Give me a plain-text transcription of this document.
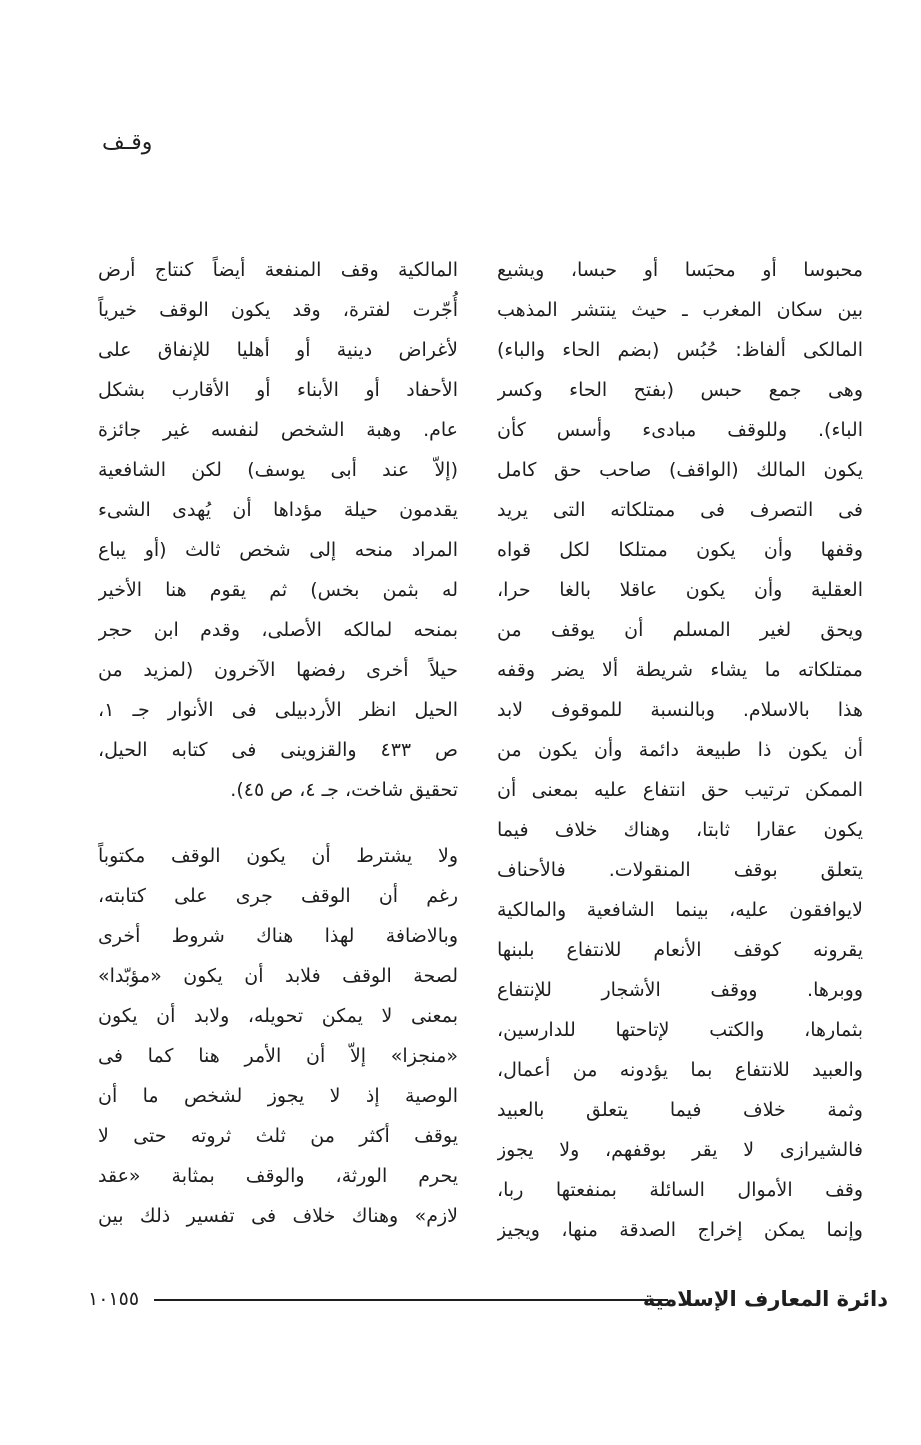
وقـف
محبوسا أو محبَسا أو حبسا، ويشيع
بين سكان المغرب ـ حيث ينتشر المذهب
المالكى ألفاظ: حُبُس (بضم الحاء والباء)
وهى جمع حبس (بفتح الحاء وكسر
الباء). وللوقف مبادىء وأسس كأن
يكون المالك (الواقف) صاحب حق كامل
فى التصرف فى ممتلكاته التى يريد
وقفها وأن يكون ممتلكا لكل قواه
العقلية وأن يكون عاقلا بالغا حرا،
ويحق لغير المسلم أن يوقف من
ممتلكاته ما يشاء شريطة ألا يضر وقفه
هذا بالاسلام. وبالنسبة للموقوف لابد
أن يكون ذا طبيعة دائمة وأن يكون من
الممكن ترتيب حق انتفاع عليه بمعنى أن
يكون عقارا ثابتا، وهناك خلاف فيما
يتعلق بوقف المنقولات. فالأحناف
لايوافقون عليه، بينما الشافعية والمالكية
يقرونه كوقف الأنعام للانتفاع بلبنها
ووبرها. ووقف الأشجار للإنتفاع
بثمارها، والكتب لإتاحتها للدارسين،
والعبيد للانتفاع بما يؤدونه من أعمال،
وثمة خلاف فيما يتعلق بالعبيد
فالشيرازى لا يقر بوقفهم، ولا يجوز
وقف الأموال السائلة بمنفعتها ربا،
وإنما يمكن إخراج الصدقة منها، ويجيز
المالكية وقف المنفعة أيضاً كنتاج أرض
أُجّرت لفترة، وقد يكون الوقف خيرياً
لأغراض دينية أو أهليا للإنفاق على
الأحفاد أو الأبناء أو الأقارب بشكل
عام. وهبة الشخص لنفسه غير جائزة
(إلاّ عند أبى يوسف) لكن الشافعية
يقدمون حيلة مؤداها أن يُهدى الشىء
المراد منحه إلى شخص ثالث (أو يباع
له بثمن بخس) ثم يقوم هنا الأخير
بمنحه لمالكه الأصلى، وقدم ابن حجر
حيلاً أخرى رفضها الآخرون (لمزيد من
الحيل انظر الأردبيلى فى الأنوار جـ ١،
ص ٤٣٣ والقزوينى فى كتابه الحيل،
تحقيق شاخت، جـ ٤، ص ٤٥).
ولا يشترط أن يكون الوقف مكتوباً
رغم أن الوقف جرى على كتابته،
وبالاضافة لهذا هناك شروط أخرى
لصحة الوقف فلابد أن يكون «مؤبّدا»
بمعنى لا يمكن تحويله، ولابد أن يكون
«منجزا» إلاّ أن الأمر هنا كما فى
الوصية إذ لا يجوز لشخص ما أن
يوقف أكثر من ثلث ثروته حتى لا
يحرم الورثة، والوقف بمثابة «عقد
لازم» وهناك خلاف فى تفسير ذلك بين
دائرة المعارف الإسلامية
١٠١٥٥
